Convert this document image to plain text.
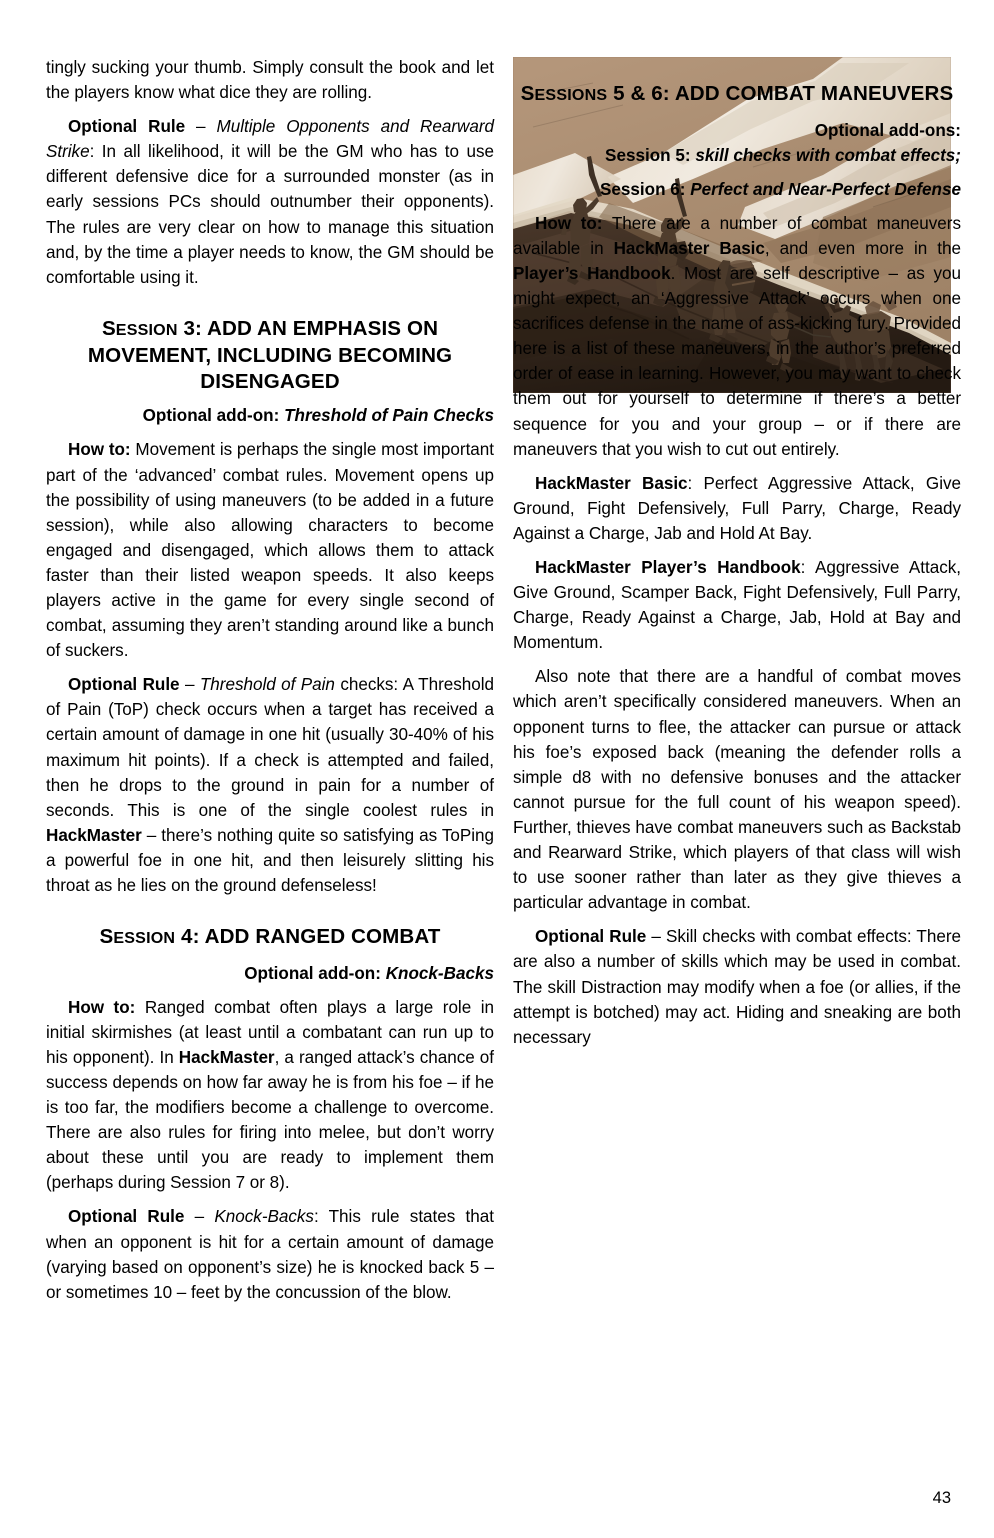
tingly sucking your thumb. Simply consult the book and let the players know what dice they are rolling.

Optional Rule – Multiple Opponents and Rearward Strike: In all likelihood, it will be the GM who has to use different defensive dice for a surrounded monster (as in early sessions PCs should outnumber their opponents). The rules are very clear on how to manage this situation and, by the time a player needs to know, the GM should be comfortable using it.

SESSION 3: ADD AN EMPHASIS ON MOVEMENT, INCLUDING BECOMING DISENGAGED
Optional add-on: Threshold of Pain Checks

How to: Movement is perhaps the single most important part of the ‘advanced’ combat rules. Movement opens up the possibility of using maneuvers (to be added in a future session), while also allowing characters to become engaged and disengaged, which allows them to attack faster than their listed weapon speeds. It also keeps players active in the game for every single second of combat, assuming they aren’t standing around like a bunch of suckers.

Optional Rule – Threshold of Pain checks: A Threshold of Pain (ToP) check occurs when a target has received a certain amount of damage in one hit (usually 30-40% of his maximum hit points). If a check is attempted and failed, then he drops to the ground in pain for a number of seconds. This is one of the single coolest rules in HackMaster – there’s nothing quite so satisfying as ToPing a powerful foe in one hit, and then leisurely slitting his throat as he lies on the ground defenseless!

SESSION 4: ADD RANGED COMBAT
Optional add-on: Knock-Backs

How to: Ranged combat often plays a large role in initial skirmishes (at least until a combatant can run up to his opponent). In HackMaster, a ranged attack’s chance of success depends on how far away he is from his foe – if he is too far, the modifiers become a challenge to overcome. There are also rules for firing into melee, but don’t worry about these until you are ready to implement them (perhaps during Session 7 or 8).

Optional Rule – Knock-Backs: This rule states that when an opponent is hit for a certain amount of damage (varying based on opponent’s size) he is knocked back 5 – or sometimes 10 – feet by the concussion of the blow.

SESSIONS 5 & 6: ADD COMBAT MANEUVERS
Optional add-ons:
Session 5: skill checks with combat effects;
Session 6: Perfect and Near-Perfect Defense

How to: There are a number of combat maneuvers available in HackMaster Basic, and even more in the Player’s Handbook. Most are self descriptive – as you might expect, an ‘Aggressive Attack’ occurs when one sacrifices defense in the name of ass-kicking fury. Provided here is a list of these maneuvers, in the author’s preferred order of ease in learning. However, you may want to check them out for yourself to determine if there’s a better sequence for you and your group – or if there are maneuvers that you wish to cut out entirely.

HackMaster Basic: Perfect Aggressive Attack, Give Ground, Fight Defensively, Full Parry, Charge, Ready Against a Charge, Jab and Hold At Bay.

HackMaster Player’s Handbook: Aggressive Attack, Give Ground, Scamper Back, Fight Defensively, Full Parry, Charge, Ready Against a Charge, Jab, Hold at Bay and Momentum.

Also note that there are a handful of combat moves which aren’t specifically considered maneuvers. When an opponent turns to flee, the attacker can pursue or attack his foe’s exposed back (meaning the defender rolls a simple d8 with no defensive bonuses and the attacker cannot pursue for the full count of his weapon speed). Further, thieves have combat maneuvers such as Backstab and Rearward Strike, which players of that class will wish to use sooner rather than later as they give thieves a particular advantage in combat.

Optional Rule – Skill checks with combat effects: There are also a number of skills which may be used in combat. The skill Distraction may modify when a foe (or allies, if the attempt is botched) may act. Hiding and sneaking are both necessary

43
